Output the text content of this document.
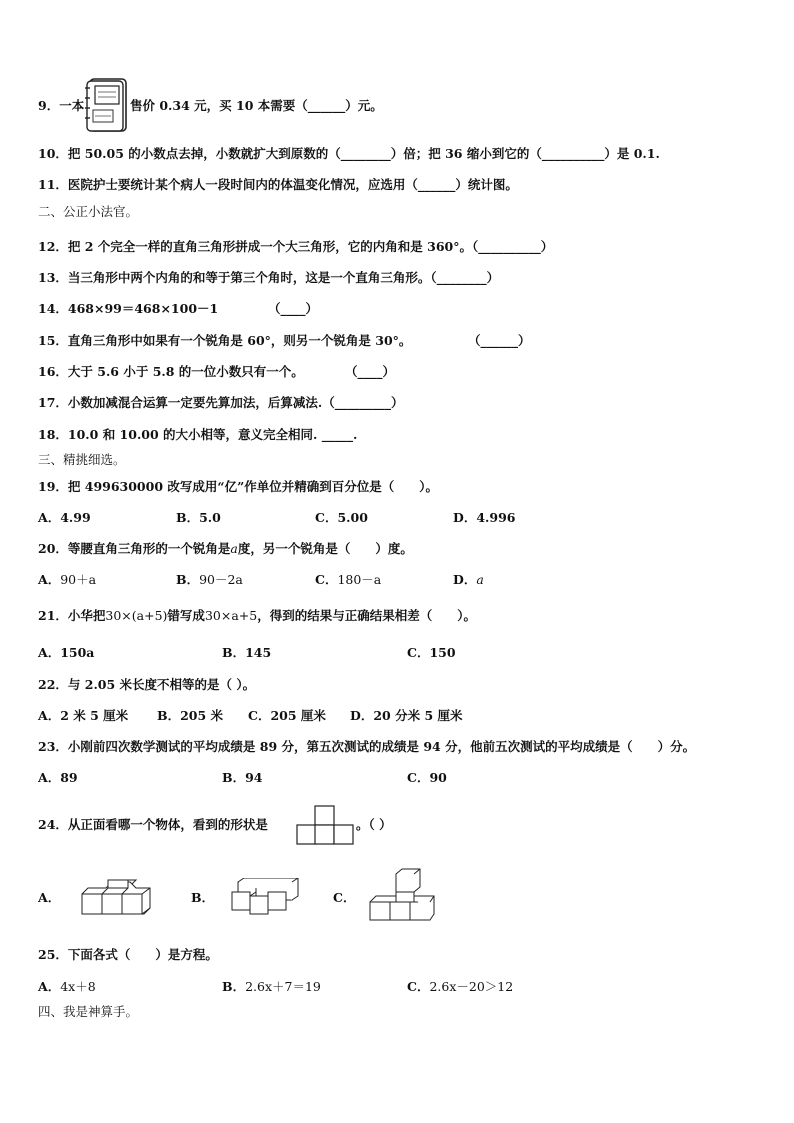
9．一本	售价 0.34 元，买 10 本需要（______）元。
10．把 50.05 的小数点去掉，小数就扩大到原数的（________）倍；把 36 缩小到它的（__________）是 0.1.
11．医院护士要统计某个病人一段时间内的体温变化情况，应选用（______）统计图。
二、公正小法官。
12．把 2 个完全一样的直角三角形拼成一个大三角形，它的内角和是 360°。（__________）
13．当三角形中两个内角的和等于第三个角时，这是一个直角三角形。（________）
14．468×99＝468×100－1	（____）
15．直角三角形中如果有一个锐角是 60°，则另一个锐角是 30°。	（______）
16．大于 5.6 小于 5.8 的一位小数只有一个。	（____）
17．小数加减混合运算一定要先算加法，后算减法.（_________）
18．10.0 和 10.00 的大小相等，意义完全相同. _____.
三、精挑细选。
19．把 499630000 改写成用“亿”作单位并精确到百分位是（　　）。
A．4.99	B．5.0	C．5.00	D．4.996
20．等腰直角三角形的一个锐角是a度，另一个锐角是（　　）度。
A．90＋a	B．90－2a	C．180－a	D．a
21．小华把30×(a+5)错写成30×a+5，得到的结果与正确结果相差（　　）。
A．150a	B．145	C．150
22．与 2.05 米长度不相等的是（ ）。
A．2 米 5 厘米 B．205 米 C．205 厘米 D．20 分米 5 厘米
23．小刚前四次数学测试的平均成绩是 89 分，第五次测试的成绩是 94 分，他前五次测试的平均成绩是（　　）分。
A．89	B．94	C．90
24．从正面看哪一个物体，看到的形状是	。（ ）
A．	B．	C．
25．下面各式（　　）是方程。
A．4x＋8	B．2.6x＋7＝19	C．2.6x－20＞12
四、我是神算手。
